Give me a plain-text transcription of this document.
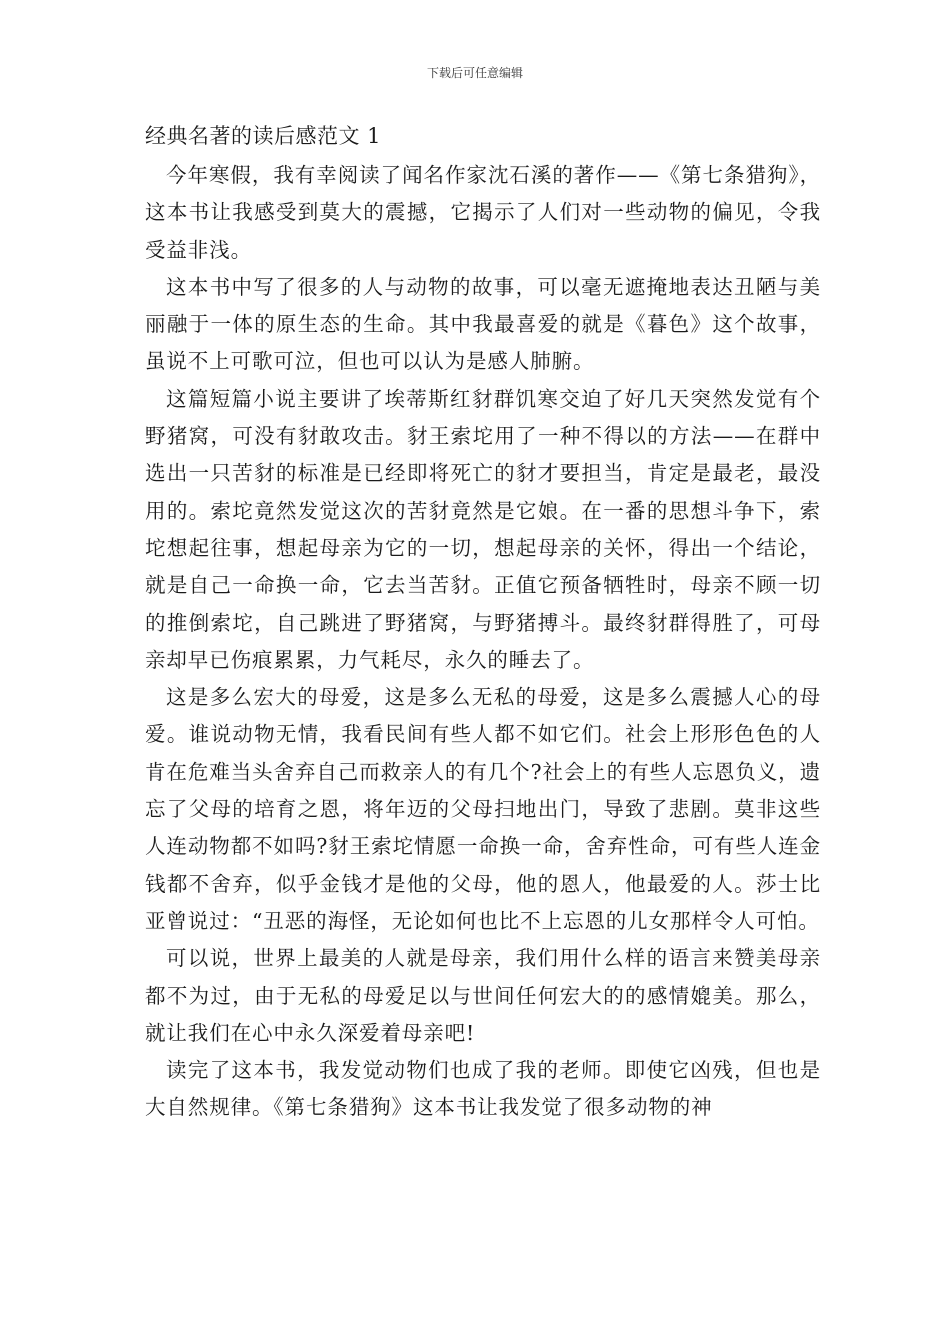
下载后可任意编辑
经典名著的读后感范文 1

今年寒假，我有幸阅读了闻名作家沈石溪的著作——《第七条猎狗》，这本书让我感受到莫大的震撼，它揭示了人们对一些动物的偏见，令我受益非浅。

这本书中写了很多的人与动物的故事，可以毫无遮掩地表达丑陋与美丽融于一体的原生态的生命。其中我最喜爱的就是《暮色》这个故事，虽说不上可歌可泣，但也可以认为是感人肺腑。

这篇短篇小说主要讲了埃蒂斯红豺群饥寒交迫了好几天突然发觉有个野猪窝，可没有豺敢攻击。豺王索坨用了一种不得以的方法——在群中选出一只苦豺的标准是已经即将死亡的豺才要担当，肯定是最老，最没用的。索坨竟然发觉这次的苦豺竟然是它娘。在一番的思想斗争下，索坨想起往事，想起母亲为它的一切，想起母亲的关怀，得出一个结论，就是自己一命换一命，它去当苦豺。正值它预备牺牲时，母亲不顾一切的推倒索坨，自己跳进了野猪窝，与野猪搏斗。最终豺群得胜了，可母亲却早已伤痕累累，力气耗尽，永久的睡去了。

这是多么宏大的母爱，这是多么无私的母爱，这是多么震撼人心的母爱。谁说动物无情，我看民间有些人都不如它们。社会上形形色色的人肯在危难当头舍弃自己而救亲人的有几个?社会上的有些人忘恩负义，遗忘了父母的培育之恩，将年迈的父母扫地出门，导致了悲剧。莫非这些人连动物都不如吗?豺王索坨情愿一命换一命，舍弃性命，可有些人连金钱都不舍弃，似乎金钱才是他的父母，他的恩人，他最爱的人。莎士比亚曾说过：“丑恶的海怪，无论如何也比不上忘恩的儿女那样令人可怕。

可以说，世界上最美的人就是母亲，我们用什么样的语言来赞美母亲都不为过，由于无私的母爱足以与世间任何宏大的的感情媲美。那么，就让我们在心中永久深爱着母亲吧!

读完了这本书，我发觉动物们也成了我的老师。即使它凶残，但也是大自然规律。《第七条猎狗》这本书让我发觉了很多动物的神
